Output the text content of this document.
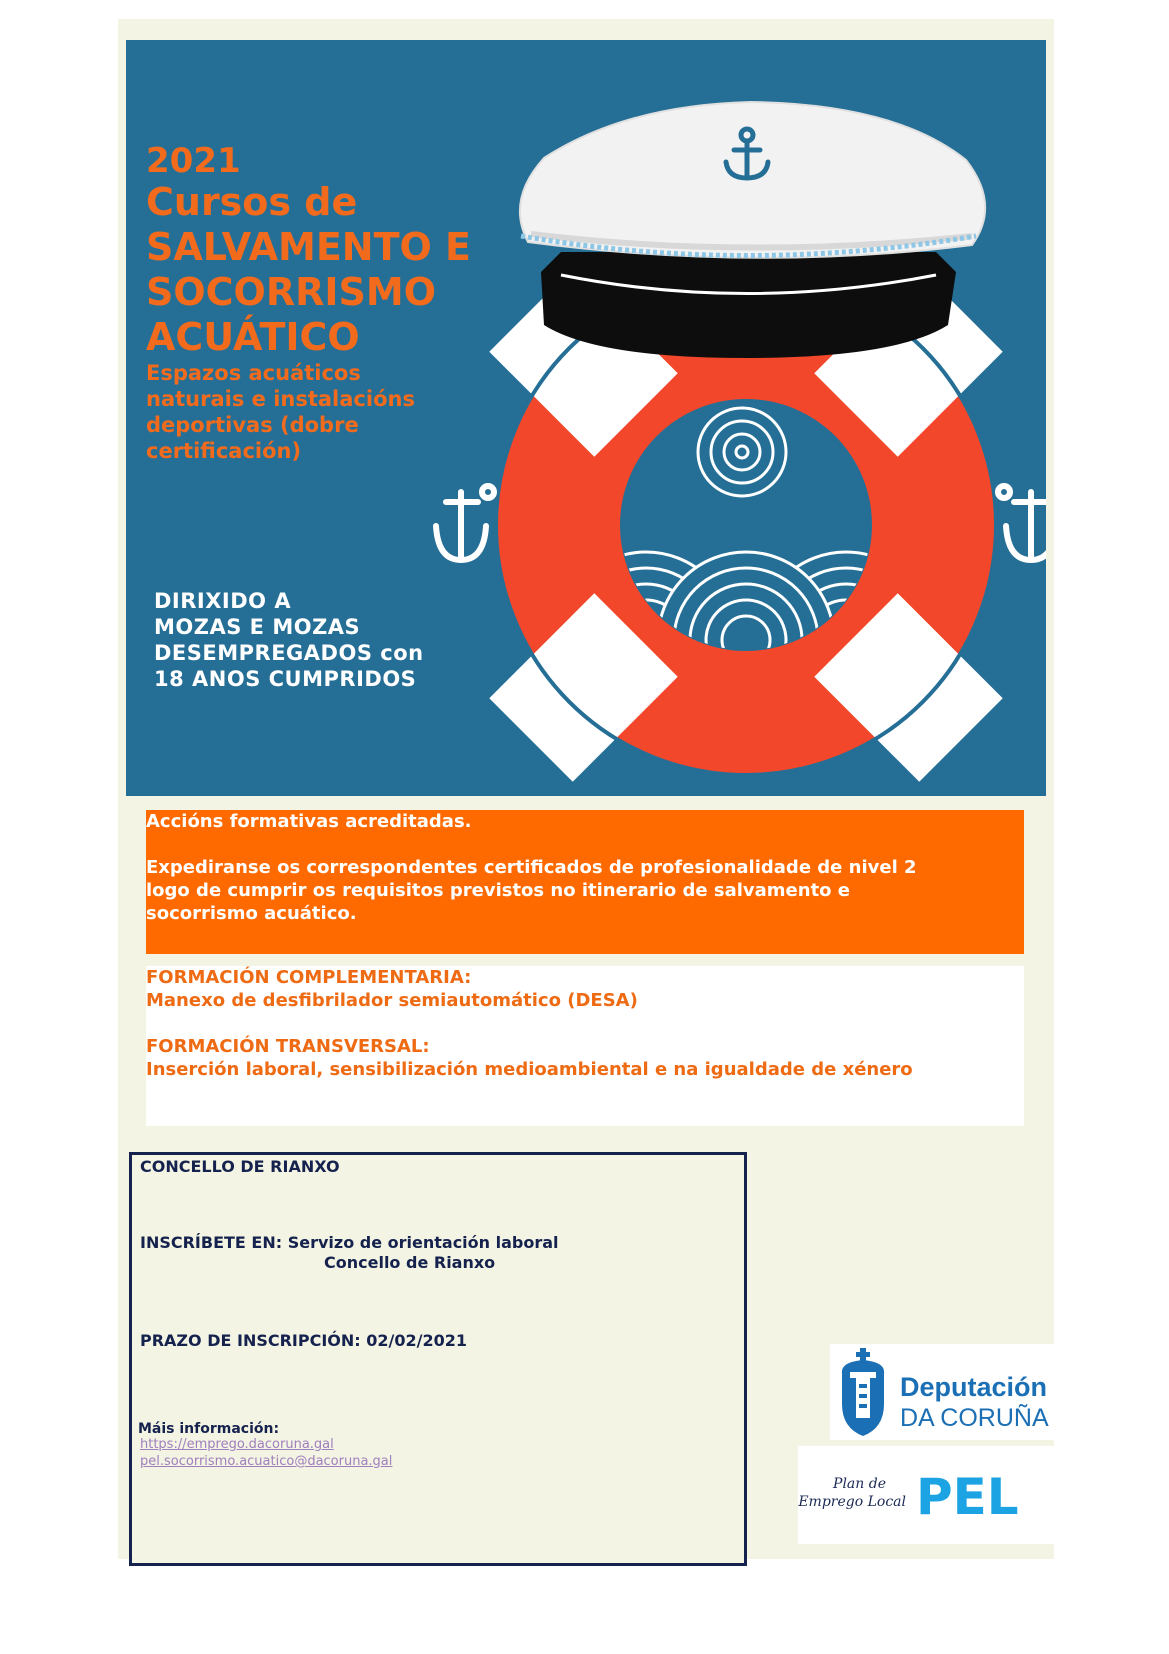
2021

Cursos de
SALVAMENTO E
SOCORRISMO
ACUÁTICO
Espazos acuáticos
naturais e instalacións
deportivas (dobre
certificación)
DIRIXIDO A
MOZAS E MOZAS
DESEMPREGADOS con
18 ANOS CUMPRIDOS

Accións formativas acreditadas.

Expediranse os correspondentes certificados de profesionalidade de nivel 2

logo de cumprir os requisitos previstos no itinerario de salvamento e

socorrismo acuático.

FORMACIÓN COMPLEMENTARIA:

Manexo de desfibrilador semiautomático (DESA)

FORMACIÓN TRANSVERSAL:

Inserción laboral, sensibilización medioambiental e na igualdade de xénero

CONCELLO DE RIANXO

INSCRÍBETE EN: Servizo de orientación laboral

Concello de Rianxo

PRAZO DE INSCRIPCIÓN: 02/02/2021

Máis información:

https://emprego.dacoruna.gal
pel.socorrismo.acuatico@dacoruna.gal
Deputación
DA CORUÑA
Plan de
Emprego Local PEL
